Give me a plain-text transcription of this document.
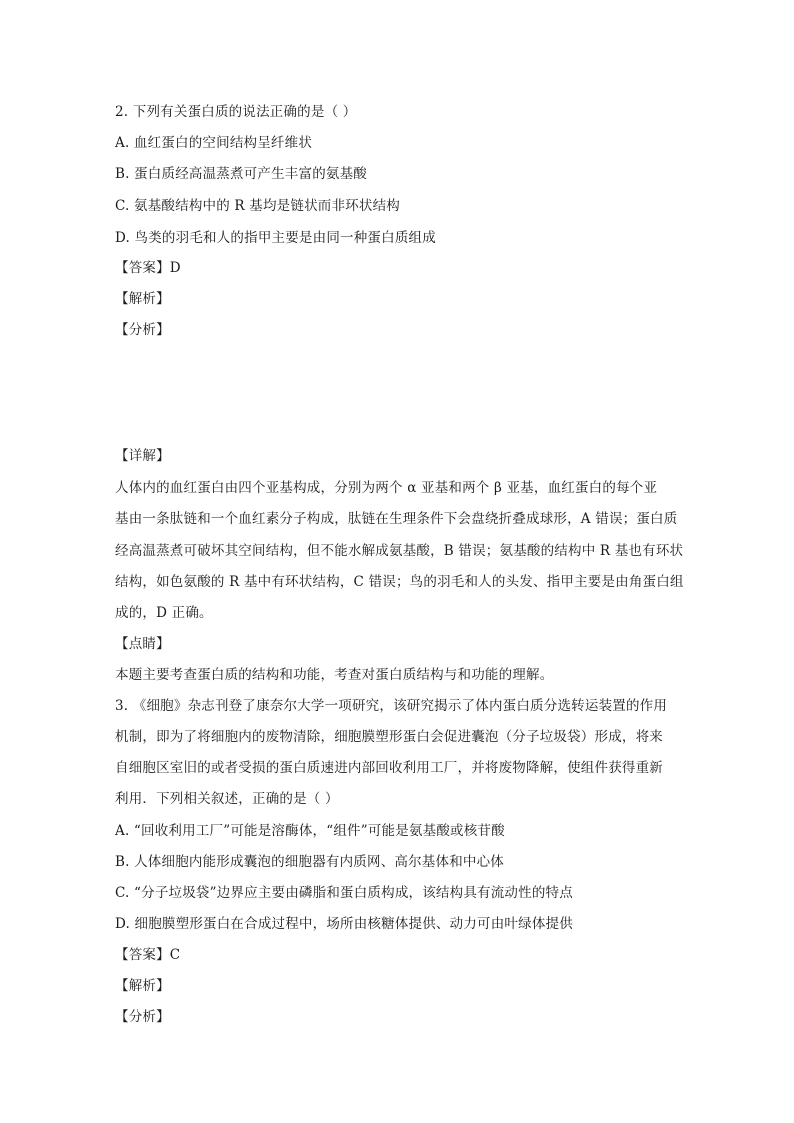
2. 下列有关蛋白质的说法正确的是（ ）
A. 血红蛋白的空间结构呈纤维状
B. 蛋白质经高温蒸煮可产生丰富的氨基酸
C. 氨基酸结构中的 R 基均是链状而非环状结构
D. 鸟类的羽毛和人的指甲主要是由同一种蛋白质组成
【答案】D
【解析】
【分析】
【详解】
人体内的血红蛋白由四个亚基构成，分别为两个 α 亚基和两个 β 亚基，血红蛋白的每个亚
基由一条肽链和一个血红素分子构成，肽链在生理条件下会盘绕折叠成球形，A 错误；蛋白质
经高温蒸煮可破坏其空间结构，但不能水解成氨基酸，B 错误；氨基酸的结构中 R 基也有环状
结构，如色氨酸的 R 基中有环状结构，C 错误；鸟的羽毛和人的头发、指甲主要是由角蛋白组
成的，D 正确。
【点睛】
本题主要考查蛋白质的结构和功能，考查对蛋白质结构与和功能的理解。
3. 《细胞》杂志刊登了康奈尔大学一项研究，该研究揭示了体内蛋白质分选转运装置的作用
机制，即为了将细胞内的废物清除，细胞膜塑形蛋白会促进囊泡（分子垃圾袋）形成，将来
自细胞区室旧的或者受损的蛋白质速进内部回收利用工厂，并将废物降解，使组件获得重新
利用．下列相关叙述，正确的是（ ）
A. “回收利用工厂”可能是溶酶体，“组件”可能是氨基酸或核苷酸
B. 人体细胞内能形成囊泡的细胞器有内质网、高尔基体和中心体
C. “分子垃圾袋”边界应主要由磷脂和蛋白质构成，该结构具有流动性的特点
D. 细胞膜塑形蛋白在合成过程中，场所由核糖体提供、动力可由叶绿体提供
【答案】C
【解析】
【分析】
